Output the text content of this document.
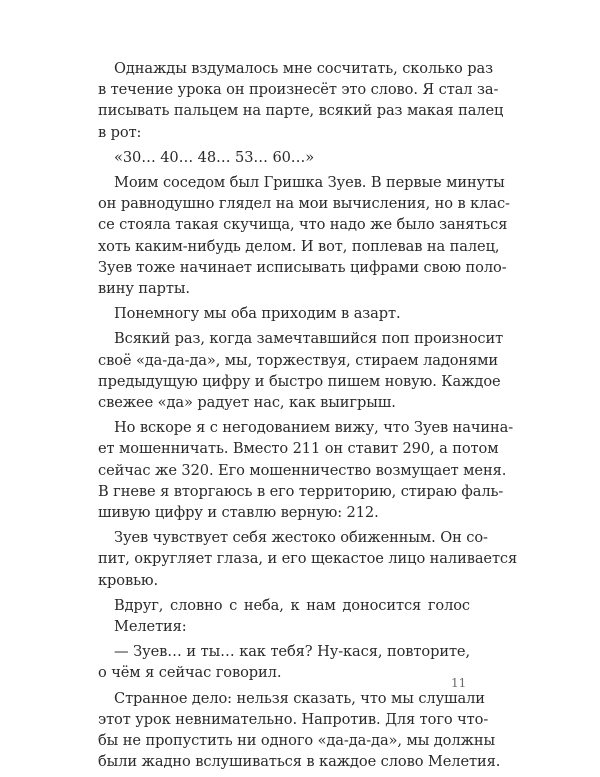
Однажды вздумалось мне сосчитать, сколько раз
в течение урока он произнесёт это слово. Я стал за-
писывать пальцем на парте, всякий раз макая палец
в рот:
«30… 40… 48… 53… 60…»
Моим соседом был Гришка Зуев. В первые минуты
он равнодушно глядел на мои вычисления, но в клас-
се стояла такая скучища, что надо же было заняться
хоть каким-нибудь делом. И вот, поплевав на палец,
Зуев тоже начинает исписывать цифрами свою поло-
вину парты.
Понемногу мы оба приходим в азарт.
Всякий раз, когда замечтавшийся поп произносит
своё «да-да-да», мы, торжествуя, стираем ладонями
предыдущую цифру и быстро пишем новую. Каждое
свежее «да» радует нас, как выигрыш.
Но вскоре я с негодованием вижу, что Зуев начина-
ет мошенничать. Вместо 211 он ставит 290, а потом
сейчас же 320. Его мошенничество возмущает меня.
В гневе я вторгаюсь в его территорию, стираю фаль-
шивую цифру и ставлю верную: 212.
Зуев чувствует себя жестоко обиженным. Он со-
пит, округляет глаза, и его щекастое лицо наливается
кровью.
Вдруг, словно с неба, к нам доносится голос Мелетия:
— Зуев… и ты… как тебя? Ну-кася, повторите,
о чём я сейчас говорил.
Странное дело: нельзя сказать, что мы слушали
этот урок невнимательно. Напротив. Для того что-
бы не пропустить ни одного «да-да-да», мы должны
были жадно вслушиваться в каждое слово Мелетия.
11
